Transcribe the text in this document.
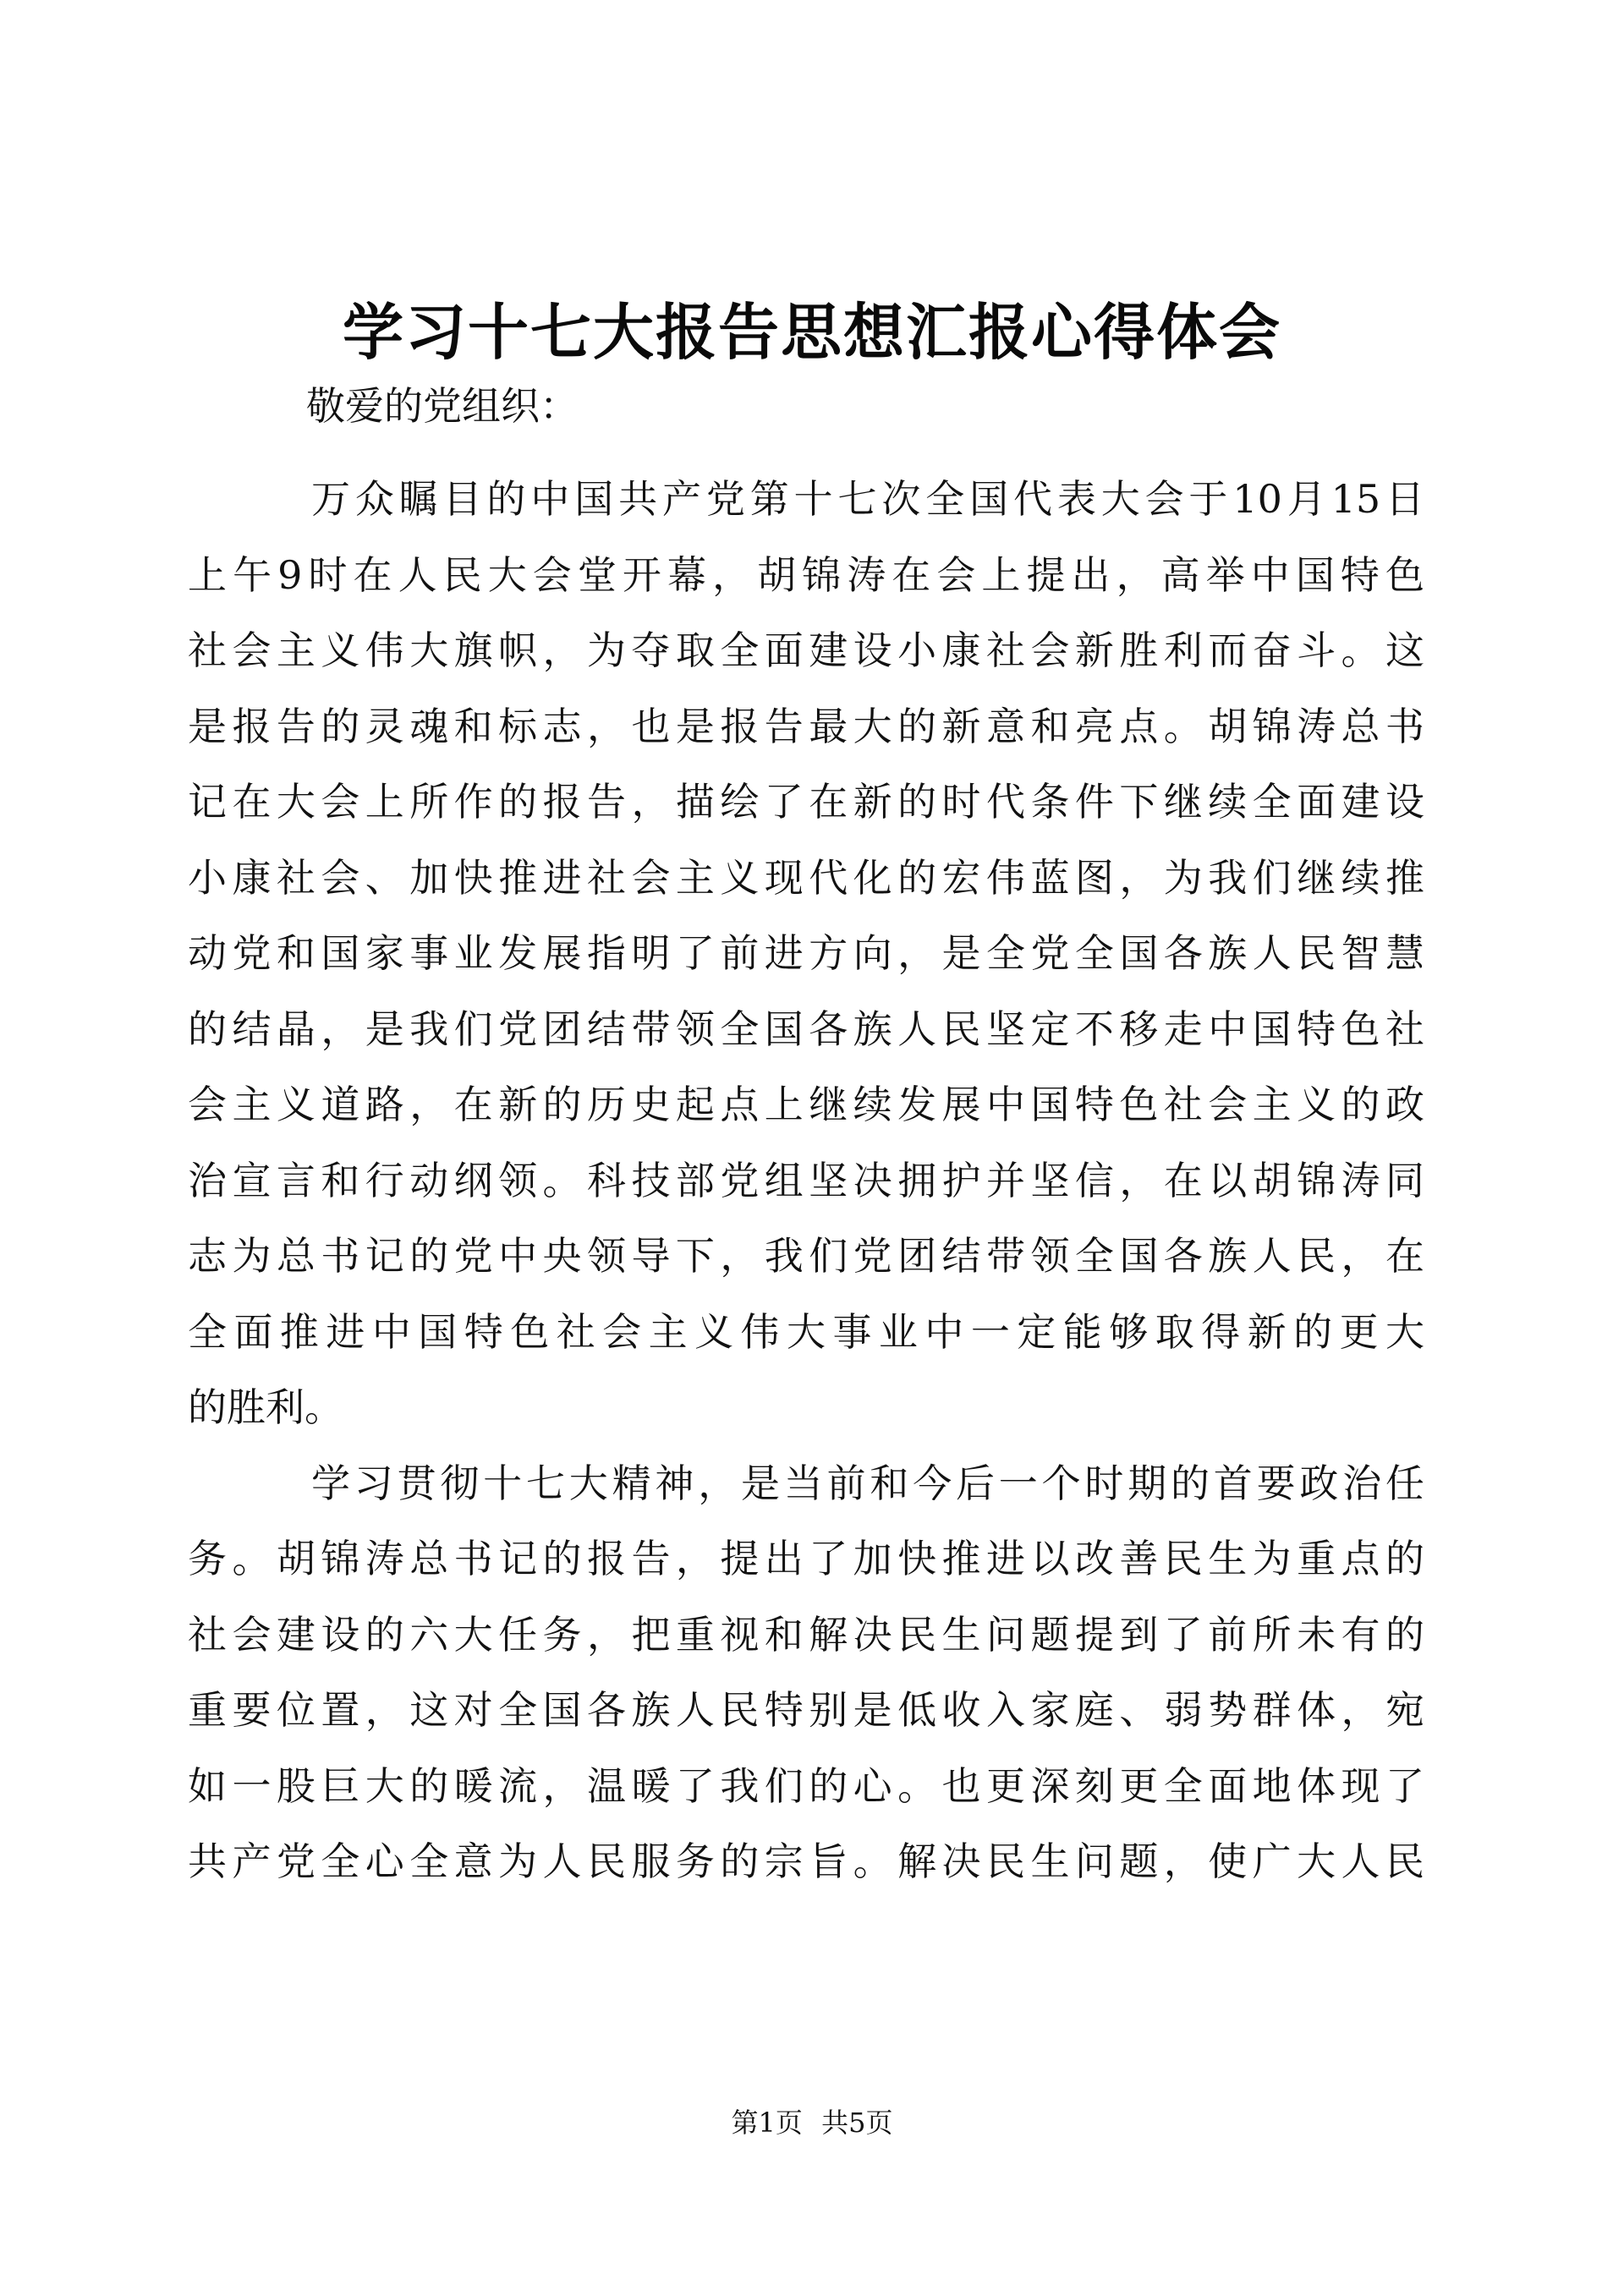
学习十七大报告思想汇报心得体会
敬爱的党组织：
万众瞩目的中国共产党第十七次全国代表大会于10月15日
上午9时在人民大会堂开幕，胡锦涛在会上提出，高举中国特色
社会主义伟大旗帜，为夺取全面建设小康社会新胜利而奋斗。这
是报告的灵魂和标志，也是报告最大的新意和亮点。胡锦涛总书
记在大会上所作的报告，描绘了在新的时代条件下继续全面建设
小康社会、加快推进社会主义现代化的宏伟蓝图，为我们继续推
动党和国家事业发展指明了前进方向，是全党全国各族人民智慧
的结晶，是我们党团结带领全国各族人民坚定不移走中国特色社
会主义道路，在新的历史起点上继续发展中国特色社会主义的政
治宣言和行动纲领。科技部党组坚决拥护并坚信，在以胡锦涛同
志为总书记的党中央领导下，我们党团结带领全国各族人民，在
全面推进中国特色社会主义伟大事业中一定能够取得新的更大
的胜利。
学习贯彻十七大精神，是当前和今后一个时期的首要政治任
务。胡锦涛总书记的报告，提出了加快推进以改善民生为重点的
社会建设的六大任务，把重视和解决民生问题提到了前所未有的
重要位置，这对全国各族人民特别是低收入家庭、弱势群体，宛
如一股巨大的暖流，温暖了我们的心。也更深刻更全面地体现了
共产党全心全意为人民服务的宗旨。解决民生问题，使广大人民
第1页 共5页
